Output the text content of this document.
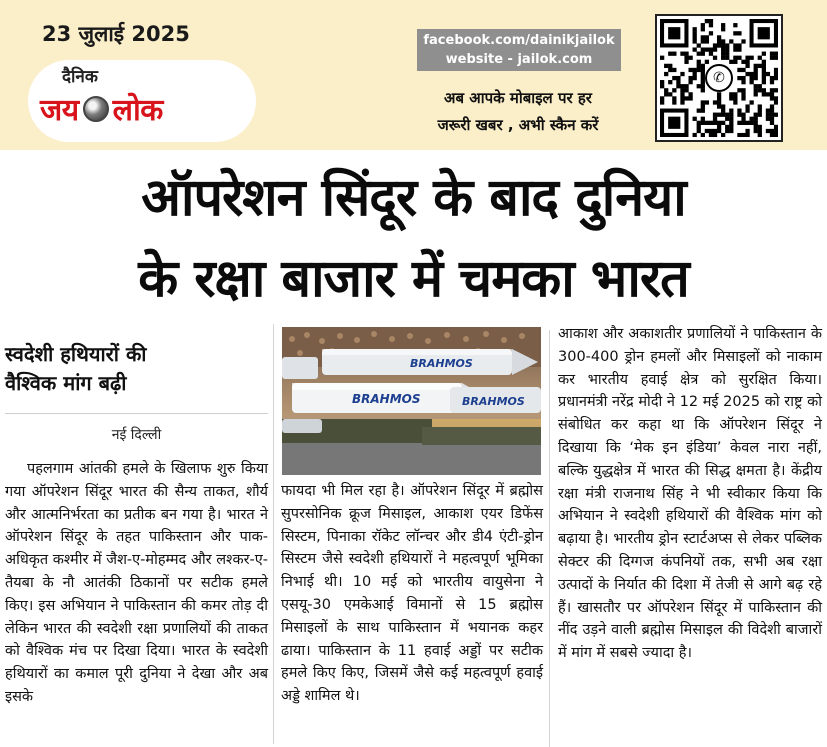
23 जुलाई 2025
दैनिक
जय लोक
facebook.com/dainikjailok
website - jailok.com
अब आपके मोबाइल पर हर
जरूरी खबर , अभी स्कैन करें
✆
ऑपरेशन सिंदूर के बाद दुनिया
के रक्षा बाजार में चमका भारत
स्वदेशी हथियारों की
वैश्विक मांग बढ़ी
नई दिल्ली

पहलगाम आंतकी हमले के खिलाफ शुरु किया गया ऑपरेशन सिंदूर भारत की सैन्य ताकत, शौर्य और आत्मनिर्भरता का प्रतीक बन गया है। भारत ने ऑपरेशन सिंदूर के तहत पाकिस्तान और पाक-अधिकृत कश्मीर में जैश-ए-मोहम्मद और लश्कर-ए-तैयबा के नौ आतंकी ठिकानों पर सटीक हमले किए। इस अभियान ने पाकिस्तान की कमर तोड़ दी लेकिन भारत की स्वदेशी रक्षा प्रणालियों की ताकत को वैश्विक मंच पर दिखा दिया। भारत के स्वदेशी हथियारों का कमाल पूरी दुनिया ने देखा और अब इसके

BRAHMOS
BRAHMOS	BRAHMOS

फायदा भी मिल रहा है। ऑपरेशन सिंदूर में ब्रह्मोस सुपरसोनिक क्रूज मिसाइल, आकाश एयर डिफेंस सिस्टम, पिनाका रॉकेट लॉन्चर और डी4 एंटी-ड्रोन सिस्टम जैसे स्वदेशी हथियारों ने महत्वपूर्ण भूमिका निभाई थी। 10 मई को भारतीय वायुसेना ने एसयू-30 एमकेआई विमानों से 15 ब्रह्मोस मिसाइलों के साथ पाकिस्तान में भयानक कहर ढाया। पाकिस्तान के 11 हवाई अड्डों पर सटीक हमले किए किए, जिसमें जैसे कई महत्वपूर्ण हवाई अड्डे शामिल थे।

आकाश और अकाशतीर प्रणालियों ने पाकिस्तान के 300-400 ड्रोन हमलों और मिसाइलों को नाकाम कर भारतीय हवाई क्षेत्र को सुरक्षित किया। प्रधानमंत्री नरेंद्र मोदी ने 12 मई 2025 को राष्ट्र को संबोधित कर कहा था कि ऑपरेशन सिंदूर ने दिखाया कि ‘मेक इन इंडिया’ केवल नारा नहीं, बल्कि युद्धक्षेत्र में भारत की सिद्ध क्षमता है। केंद्रीय रक्षा मंत्री राजनाथ सिंह ने भी स्वीकार किया कि अभियान ने स्वदेशी हथियारों की वैश्विक मांग को बढ़ाया है। भारतीय ड्रोन स्टार्टअप्स से लेकर पब्लिक सेक्टर की दिग्गज कंपनियों तक, सभी अब रक्षा उत्पादों के निर्यात की दिशा में तेजी से आगे बढ़ रहे हैं। खासतौर पर ऑपरेशन सिंदूर में पाकिस्तान की नींद उड़ने वाली ब्रह्मोस मिसाइल की विदेशी बाजारों में मांग में सबसे ज्यादा है।
